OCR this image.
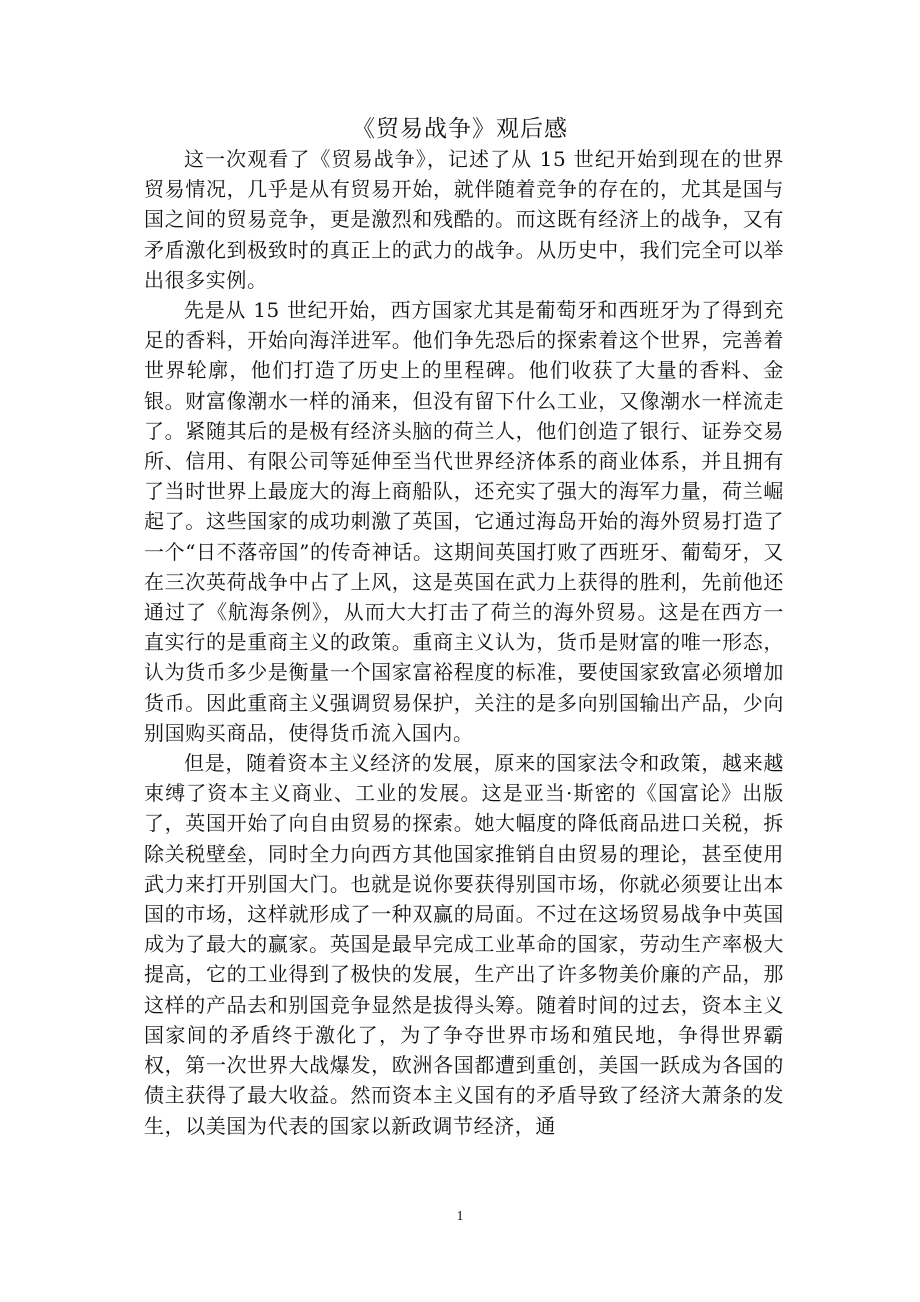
《贸易战争》观后感

这一次观看了《贸易战争》，记述了从 15 世纪开始到现在的世界贸易情况，几乎是从有贸易开始，就伴随着竞争的存在的，尤其是国与国之间的贸易竞争，更是激烈和残酷的。而这既有经济上的战争，又有矛盾激化到极致时的真正上的武力的战争。从历史中，我们完全可以举出很多实例。

先是从 15 世纪开始，西方国家尤其是葡萄牙和西班牙为了得到充足的香料，开始向海洋进军。他们争先恐后的探索着这个世界，完善着世界轮廓，他们打造了历史上的里程碑。他们收获了大量的香料、金银。财富像潮水一样的涌来，但没有留下什么工业，又像潮水一样流走了。紧随其后的是极有经济头脑的荷兰人，他们创造了银行、证券交易所、信用、有限公司等延伸至当代世界经济体系的商业体系，并且拥有了当时世界上最庞大的海上商船队，还充实了强大的海军力量，荷兰崛起了。这些国家的成功刺激了英国，它通过海岛开始的海外贸易打造了一个“日不落帝国”的传奇神话。这期间英国打败了西班牙、葡萄牙，又在三次英荷战争中占了上风，这是英国在武力上获得的胜利，先前他还通过了《航海条例》，从而大大打击了荷兰的海外贸易。这是在西方一直实行的是重商主义的政策。重商主义认为，货币是财富的唯一形态，认为货币多少是衡量一个国家富裕程度的标准，要使国家致富必须增加货币。因此重商主义强调贸易保护，关注的是多向别国输出产品，少向别国购买商品，使得货币流入国内。

但是，随着资本主义经济的发展，原来的国家法令和政策，越来越束缚了资本主义商业、工业的发展。这是亚当·斯密的《国富论》出版了，英国开始了向自由贸易的探索。她大幅度的降低商品进口关税，拆除关税壁垒，同时全力向西方其他国家推销自由贸易的理论，甚至使用武力来打开别国大门。也就是说你要获得别国市场，你就必须要让出本国的市场，这样就形成了一种双赢的局面。不过在这场贸易战争中英国成为了最大的赢家。英国是最早完成工业革命的国家，劳动生产率极大提高，它的工业得到了极快的发展，生产出了许多物美价廉的产品，那这样的产品去和别国竞争显然是拔得头筹。随着时间的过去，资本主义国家间的矛盾终于激化了，为了争夺世界市场和殖民地，争得世界霸权，第一次世界大战爆发，欧洲各国都遭到重创，美国一跃成为各国的债主获得了最大收益。然而资本主义国有的矛盾导致了经济大萧条的发生，以美国为代表的国家以新政调节经济，通

1
